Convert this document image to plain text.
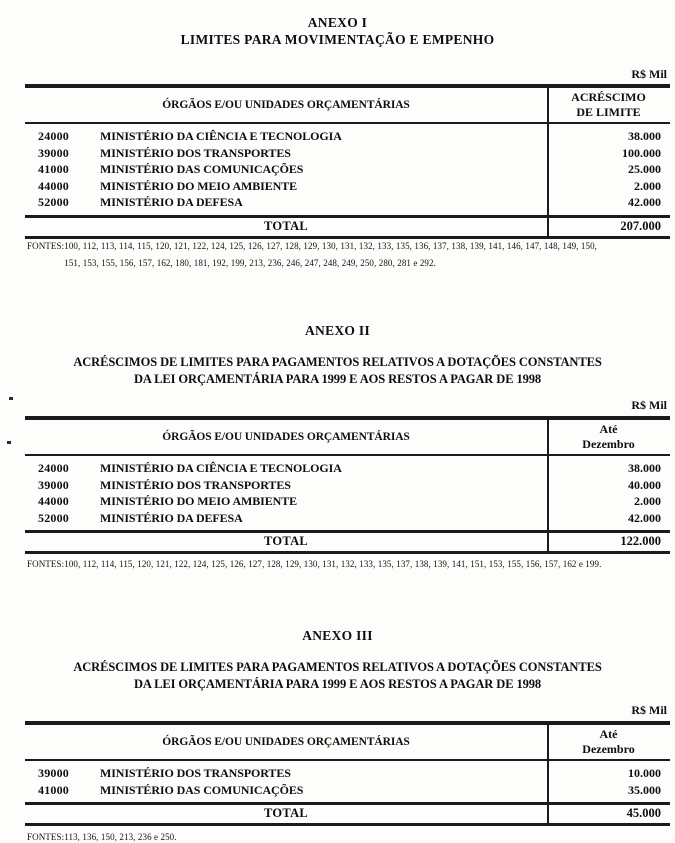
ANEXO I
LIMITES PARA MOVIMENTAÇÃO E EMPENHO
R$ Mil
ÓRGÃOS E/OU UNIDADES ORÇAMENTÁRIAS
ACRÉSCIMO
DE LIMITE
24000	MINISTÉRIO DA CIÊNCIA E TECNOLOGIA	38.000
39000	MINISTÉRIO DOS TRANSPORTES	100.000
41000	MINISTÉRIO DAS COMUNICAÇÕES	25.000
44000	MINISTÉRIO DO MEIO AMBIENTE	2.000
52000	MINISTÉRIO DA DEFESA	42.000
TOTAL	207.000
FONTES: 100, 112, 113, 114, 115, 120, 121, 122, 124, 125, 126, 127, 128, 129, 130, 131, 132, 133, 135, 136, 137, 138, 139, 141, 146, 147, 148, 149, 150,
151, 153, 155, 156, 157, 162, 180, 181, 192, 199, 213, 236, 246, 247, 248, 249, 250, 280, 281 e 292.
ANEXO II
ACRÉSCIMOS DE LIMITES PARA PAGAMENTOS RELATIVOS A DOTAÇÕES CONSTANTES
DA LEI ORÇAMENTÁRIA PARA 1999 E AOS RESTOS A PAGAR DE 1998
R$ Mil
ÓRGÃOS E/OU UNIDADES ORÇAMENTÁRIAS
Até
Dezembro
24000	MINISTÉRIO DA CIÊNCIA E TECNOLOGIA	38.000
39000	MINISTÉRIO DOS TRANSPORTES	40.000
44000	MINISTÉRIO DO MEIO AMBIENTE	2.000
52000	MINISTÉRIO DA DEFESA	42.000
TOTAL	122.000
FONTES: 100, 112, 114, 115, 120, 121, 122, 124, 125, 126, 127, 128, 129, 130, 131, 132, 133, 135, 137, 138, 139, 141, 151, 153, 155, 156, 157, 162 e 199.
ANEXO III
ACRÉSCIMOS DE LIMITES PARA PAGAMENTOS RELATIVOS A DOTAÇÕES CONSTANTES
DA LEI ORÇAMENTÁRIA PARA 1999 E AOS RESTOS A PAGAR DE 1998
R$ Mil
ÓRGÃOS E/OU UNIDADES ORÇAMENTÁRIAS
Até
Dezembro
39000	MINISTÉRIO DOS TRANSPORTES	10.000
41000	MINISTÉRIO DAS COMUNICAÇÕES	35.000
TOTAL	45.000
FONTES: 113, 136, 150, 213, 236 e 250.
